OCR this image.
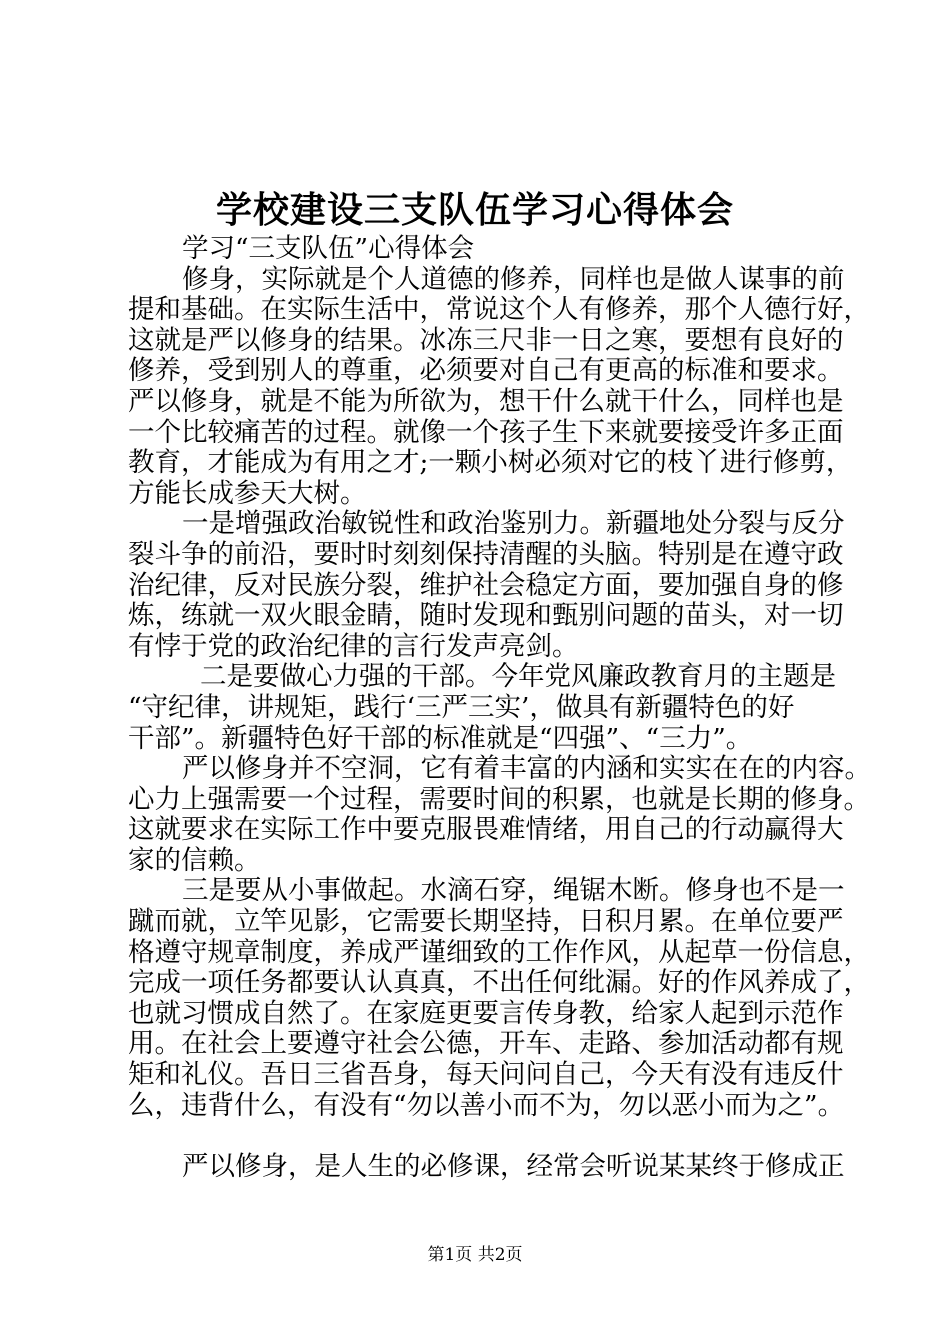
学校建设三支队伍学习心得体会
学习“三支队伍”心得体会
修身，实际就是个人道德的修养，同样也是做人谋事的前
提和基础。在实际生活中，常说这个人有修养，那个人德行好，
这就是严以修身的结果。冰冻三尺非一日之寒，要想有良好的
修养，受到别人的尊重，必须要对自己有更高的标准和要求。
严以修身，就是不能为所欲为，想干什么就干什么，同样也是
一个比较痛苦的过程。就像一个孩子生下来就要接受许多正面
教育，才能成为有用之才;一颗小树必须对它的枝丫进行修剪，
方能长成参天大树。
一是增强政治敏锐性和政治鉴别力。新疆地处分裂与反分
裂斗争的前沿，要时时刻刻保持清醒的头脑。特别是在遵守政
治纪律，反对民族分裂，维护社会稳定方面，要加强自身的修
炼，练就一双火眼金睛，随时发现和甄别问题的苗头，对一切
有悖于党的政治纪律的言行发声亮剑。
二是要做心力强的干部。今年党风廉政教育月的主题是
“守纪律，讲规矩，践行‘三严三实’，做具有新疆特色的好
干部”。新疆特色好干部的标准就是“四强”、“三力”。
严以修身并不空洞，它有着丰富的内涵和实实在在的内容。
心力上强需要一个过程，需要时间的积累，也就是长期的修身。
这就要求在实际工作中要克服畏难情绪，用自己的行动赢得大
家的信赖。
三是要从小事做起。水滴石穿，绳锯木断。修身也不是一
蹴而就，立竿见影，它需要长期坚持，日积月累。在单位要严
格遵守规章制度，养成严谨细致的工作作风，从起草一份信息，
完成一项任务都要认认真真，不出任何纰漏。好的作风养成了，
也就习惯成自然了。在家庭更要言传身教，给家人起到示范作
用。在社会上要遵守社会公德，开车、走路、参加活动都有规
矩和礼仪。吾日三省吾身，每天问问自己，今天有没有违反什
么，违背什么，有没有“勿以善小而不为，勿以恶小而为之”。
严以修身，是人生的必修课，经常会听说某某终于修成正
第1页 共2页
